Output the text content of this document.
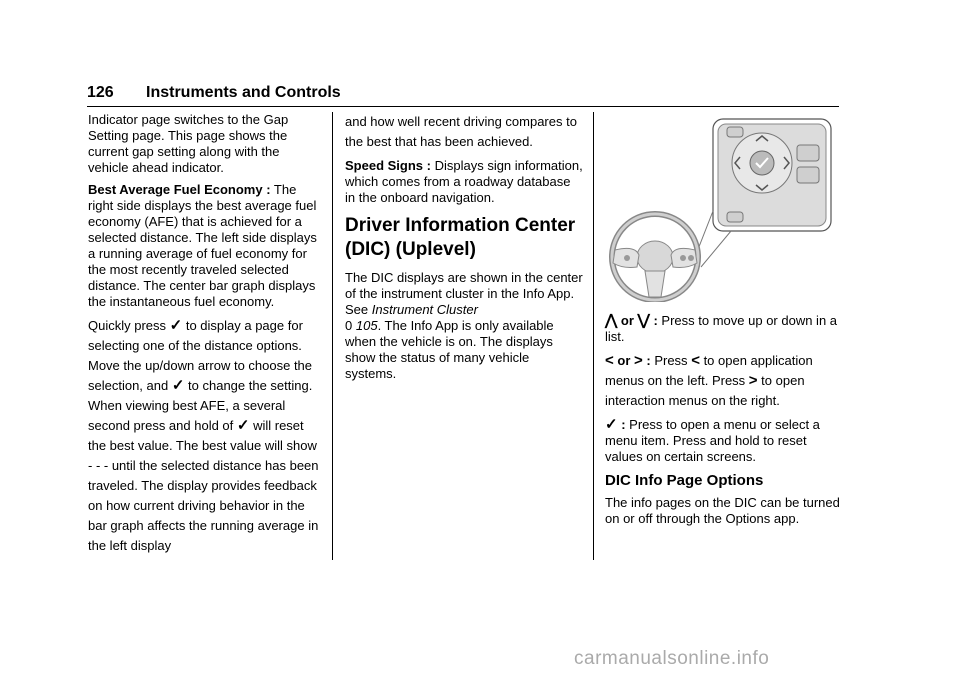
126 Instruments and Controls

Indicator page switches to the Gap Setting page. This page shows the current gap setting along with the vehicle ahead indicator.

Best Average Fuel Economy : The right side displays the best average fuel economy (AFE) that is achieved for a selected distance. The left side displays a running average of fuel economy for the most recently traveled selected distance. The center bar graph displays the instantaneous fuel economy.

Quickly press ✓ to display a page for selecting one of the distance options. Move the up/down arrow to choose the selection, and ✓ to change the setting. When viewing best AFE, a several second press and hold of ✓ will reset the best value. The best value will show - - - until the selected distance has been traveled. The display provides feedback on how current driving behavior in the bar graph affects the running average in the left display

and how well recent driving compares to the best that has been achieved.

Speed Signs : Displays sign information, which comes from a roadway database in the onboard navigation.

Driver Information Center (DIC) (Uplevel)

The DIC displays are shown in the center of the instrument cluster in the Info App. See Instrument Cluster
0 105. The Info App is only available when the vehicle is on. The displays show the status of many vehicle systems.

⋀ or ⋁ : Press to move up or down in a list.

< or > : Press < to open application menus on the left. Press > to open interaction menus on the right.

✓ : Press to open a menu or select a menu item. Press and hold to reset values on certain screens.

DIC Info Page Options

The info pages on the DIC can be turned on or off through the Options app.

carmanualsonline.info
